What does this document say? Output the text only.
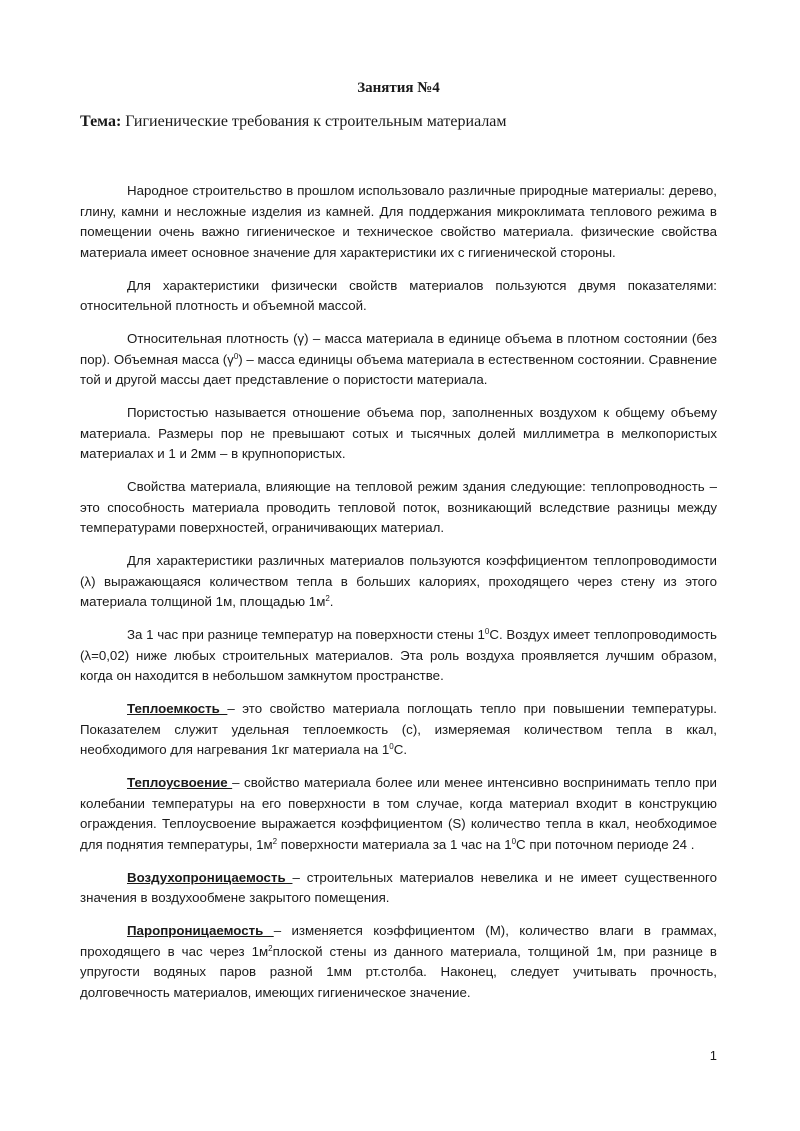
Занятия №4
Тема: Гигиенические требования к строительным материалам

Народное строительство в прошлом использовало различные природные материалы: дерево, глину, камни и несложные изделия из камней. Для поддержания микроклимата теплового режима в помещении очень важно гигиеническое и техническое свойство материала. физические свойства материала имеет основное значение для характеристики их с гигиенической стороны.

Для характеристики физически свойств материалов пользуются двумя показателями: относительной плотность и объемной массой.

Относительная плотность (γ) – масса материала в единице объема в плотном состоянии (без пор). Объемная масса $(\gamma^0)$ – масса единицы объема материала в естественном состоянии. Сравнение той и другой массы дает представление о пористости материала.

Пористостью называется отношение объема пор, заполненных воздухом к общему объему материала. Размеры пор не превышают сотых и тысячных долей миллиметра в мелкопористых материалах и 1 и 2мм – в крупнопористых.

Свойства материала, влияющие на тепловой режим здания следующие: теплопроводность – это способность материала проводить тепловой поток, возникающий вследствие разницы между температурами поверхностей, ограничивающих материал.

Для характеристики различных материалов пользуются коэффициентом теплопроводимости (λ) выражающаяся количеством тепла в больших калориях, проходящего через стену из этого материала толщиной 1м, площадью $1м^2$.

За 1 час при разнице температур на поверхности стены $1^0С$. Воздух имеет теплопроводимость (λ=0,02) ниже любых строительных материалов. Эта роль воздуха проявляется лучшим образом, когда он находится в небольшом замкнутом пространстве.

Теплоемкость – это свойство материала поглощать тепло при повышении температуры. Показателем служит удельная теплоемкость (с), измеряемая количеством тепла в ккал, необходимого для нагревания 1кг материала на $1^0С$.

Теплоусвоение – свойство материала более или менее интенсивно воспринимать тепло при колебании температуры на его поверхности в том случае, когда материал входит в конструкцию ограждения. Теплоусвоение выражается коэффициентом (S) количество тепла в ккал, необходимое для поднятия температуры, $1м^2$ поверхности материала за 1 час на $1^0С$ при поточном периоде 24 .

Воздухопроницаемость – строительных материалов невелика и не имеет существенного значения в воздухообмене закрытого помещения.

Паропроницаемость – изменяется коэффициентом (М), количество влаги в граммах, проходящего в час через $1м^2плоской$ стены из данного материала, толщиной 1м, при разнице в упругости водяных паров разной 1мм рт.столба. Наконец, следует учитывать прочность, долговечность материалов, имеющих гигиеническое значение.

1
